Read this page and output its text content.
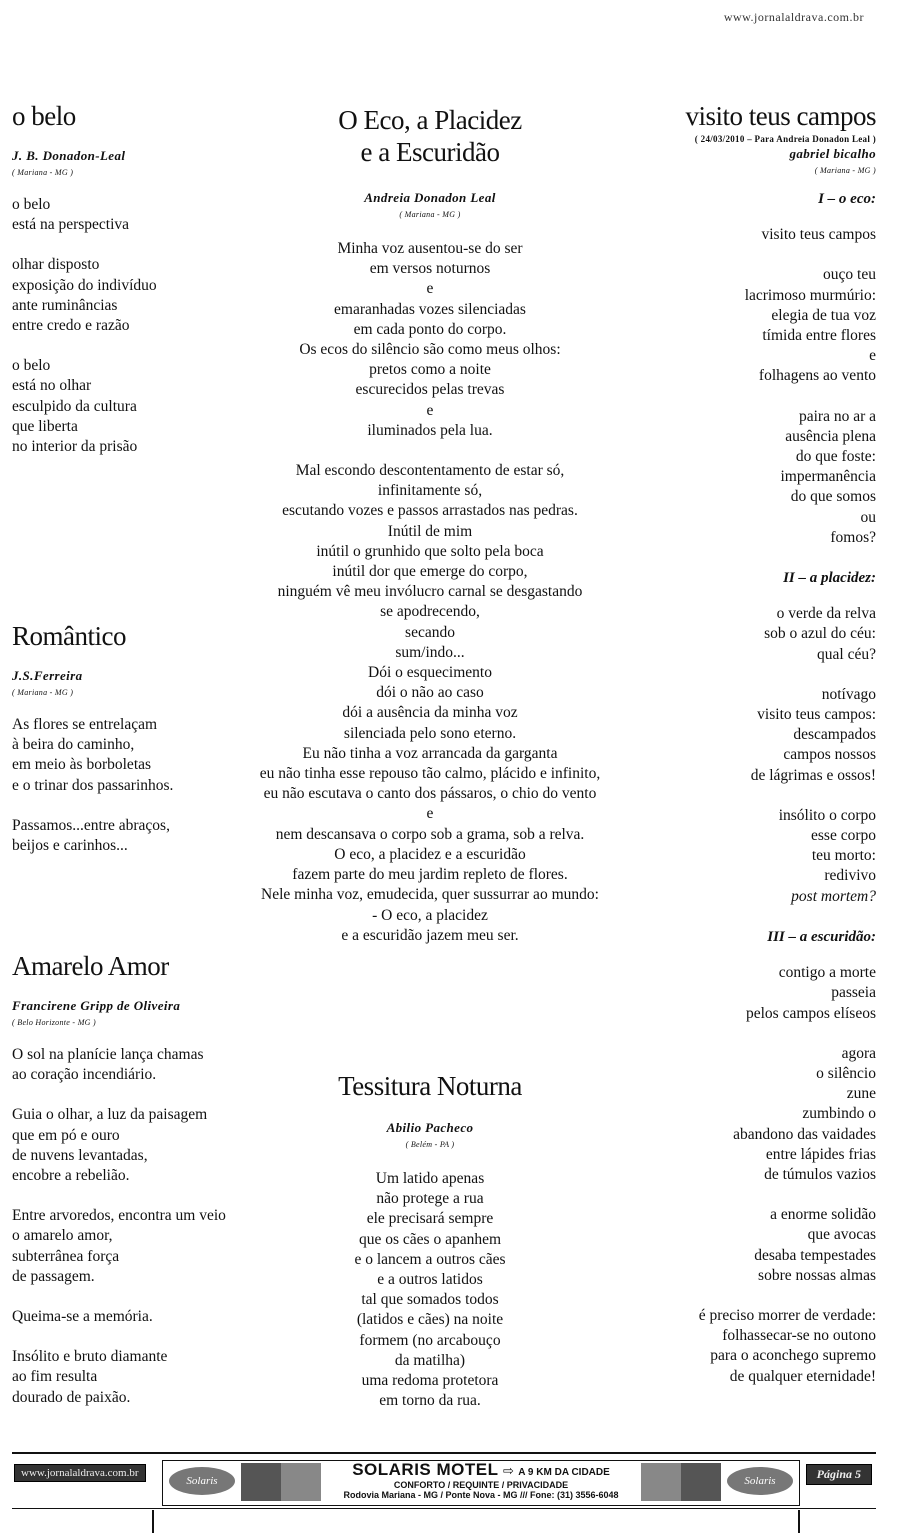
www.jornalaldrava.com.br
o belo
J. B. Donadon-Leal
( Mariana - MG )
o belo
está na perspectiva
olhar disposto
exposição do indivíduo
ante ruminâncias
entre credo e razão
o belo
está no olhar
esculpido da cultura
que liberta
no interior da prisão
Romântico
J.S.Ferreira
( Mariana - MG )
As flores se entrelaçam
à beira do caminho,
em meio às borboletas
e o trinar dos passarinhos.
Passamos...entre abraços,
beijos e carinhos...
Amarelo Amor
Francirene Gripp de Oliveira
( Belo Horizonte - MG )
O sol na planície lança chamas
ao coração incendiário.
Guia o olhar, a luz da paisagem
que em pó e ouro
de nuvens levantadas,
encobre a rebelião.
Entre arvoredos, encontra um veio
o amarelo amor,
subterrânea força
de passagem.
Queima-se a memória.
Insólito e bruto diamante
ao fim resulta
dourado de paixão.
O Eco, a Placidez
e a Escuridão
Andreia Donadon Leal
( Mariana - MG )
Minha voz ausentou-se do ser
em versos noturnos
e
emaranhadas vozes silenciadas
em cada ponto do corpo.
Os ecos do silêncio são como meus olhos:
pretos como a noite
escurecidos pelas trevas
e
iluminados pela lua.
Mal escondo descontentamento de estar só,
infinitamente só,
escutando vozes e passos arrastados nas pedras.
Inútil de mim
inútil o grunhido que solto pela boca
inútil dor que emerge do corpo,
ninguém vê meu invólucro carnal se desgastando
se apodrecendo,
secando
sum/indo...
Dói o esquecimento
dói o não ao caso
dói a ausência da minha voz
silenciada pelo sono eterno.
Eu não tinha a voz arrancada da garganta
eu não tinha esse repouso tão calmo, plácido e infinito,
eu não escutava o canto dos pássaros, o chio do vento
e
nem descansava o corpo sob a grama, sob a relva.
O eco, a placidez e a escuridão
fazem parte do meu jardim repleto de flores.
Nele minha voz, emudecida, quer sussurrar ao mundo:
- O eco, a placidez
e a escuridão jazem meu ser.
Tessitura Noturna
Abilio Pacheco
( Belém - PA )
Um latido apenas
não protege a rua
ele precisará sempre
que os cães o apanhem
e o lancem a outros cães
e a outros latidos
tal que somados todos
(latidos e cães) na noite
formem (no arcabouço
da matilha)
uma redoma protetora
em torno da rua.
visito teus campos
( 24/03/2010 – Para Andreia Donadon Leal )
gabriel bicalho
( Mariana - MG )
I – o eco:
visito teus campos
ouço teu
lacrimoso murmúrio:
elegia de tua voz
tímida entre flores
e
folhagens ao vento
paira no ar a
ausência plena
do que foste:
impermanência
do que somos
ou
fomos?
II – a placidez:
o verde da relva
sob o azul do céu:
qual céu?
notívago
visito teus campos:
descampados
campos nossos
de lágrimas e ossos!
insólito o corpo
esse corpo
teu morto:
redivivo
post mortem?
III – a escuridão:
contigo a morte
passeia
pelos campos elíseos
agora
o silêncio
zune
zumbindo o
abandono das vaidades
entre lápides frias
de túmulos vazios
a enorme solidão
que avocas
desaba tempestades
sobre nossas almas
é preciso morrer de verdade:
folhassecar-se no outono
para o aconchego supremo
de qualquer eternidade!
www.jornalaldrava.com.br
Solaris
SOLARIS MOTEL ⇨ A 9 KM DA CIDADE
CONFORTO / REQUINTE / PRIVACIDADE
Rodovia Mariana - MG / Ponte Nova - MG /// Fone: (31) 3556-6048
Solaris	Página 5
